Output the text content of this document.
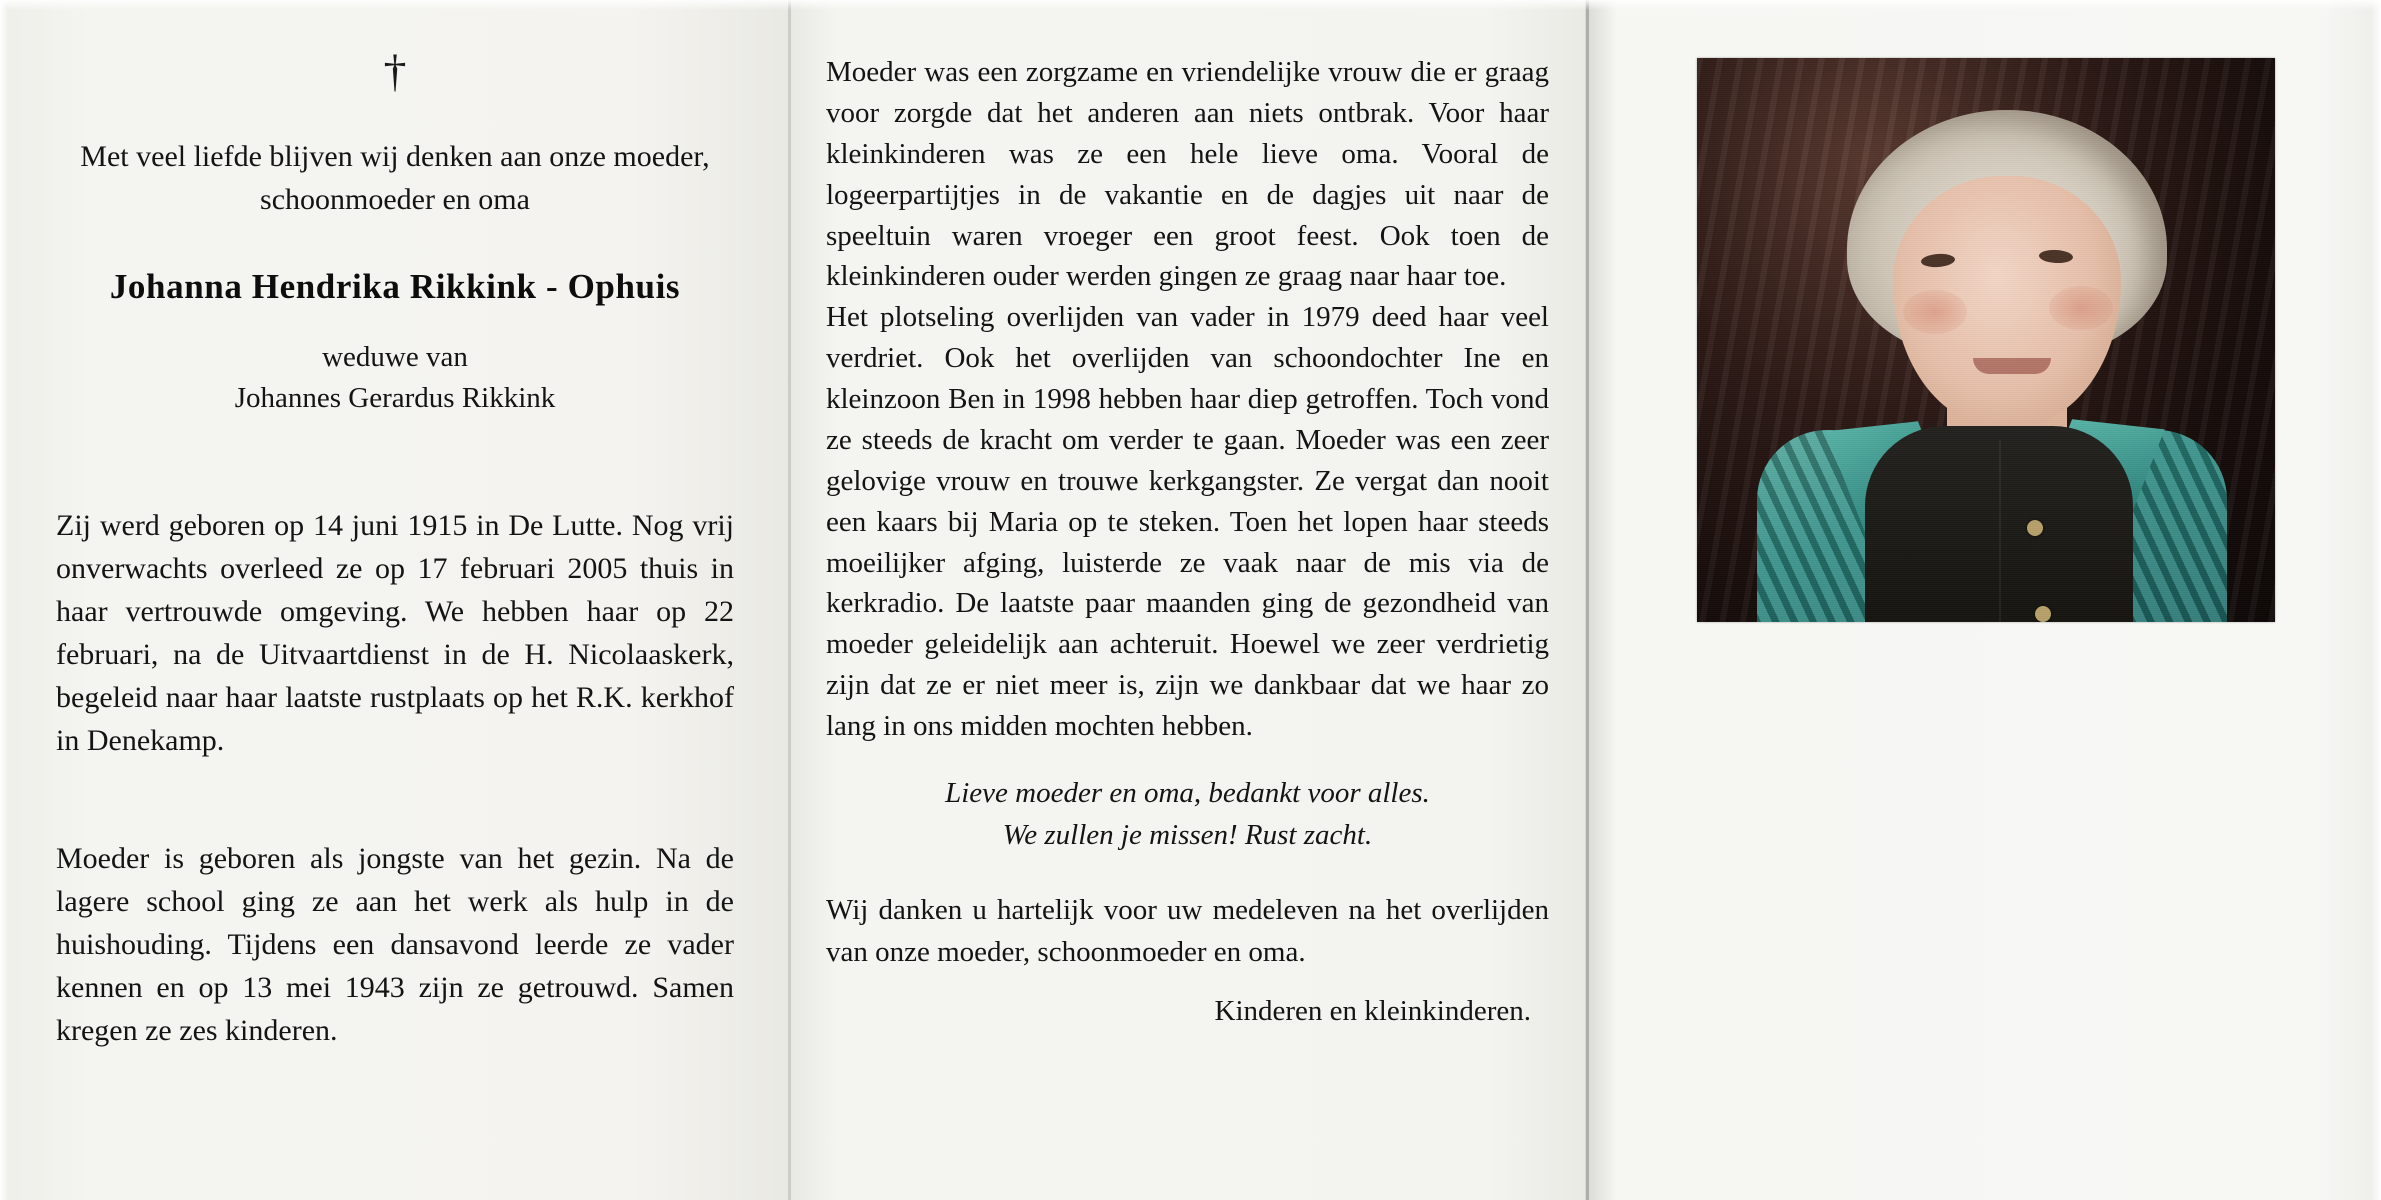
†
Met veel liefde blijven wij denken aan onze moeder, schoonmoeder en oma
Johanna Hendrika Rikkink - Ophuis
weduwe van
Johannes Gerardus Rikkink
Zij werd geboren op 14 juni 1915 in De Lutte. Nog vrij onverwachts overleed ze op 17 februari 2005 thuis in haar vertrouwde omgeving. We hebben haar op 22 februari, na de Uitvaartdienst in de H. Nicolaaskerk, begeleid naar haar laatste rustplaats op het R.K. kerkhof in Denekamp.
Moeder is geboren als jongste van het gezin. Na de lagere school ging ze aan het werk als hulp in de huishouding. Tijdens een dansavond leerde ze vader kennen en op 13 mei 1943 zijn ze getrouwd. Samen kregen ze zes kinderen.
Moeder was een zorgzame en vriendelijke vrouw die er graag voor zorgde dat het anderen aan niets ontbrak. Voor haar kleinkinderen was ze een hele lieve oma. Vooral de logeerpartijtjes in de vakantie en de dagjes uit naar de speeltuin waren vroeger een groot feest. Ook toen de kleinkinderen ouder werden gingen ze graag naar haar toe.
Het plotseling overlijden van vader in 1979 deed haar veel verdriet. Ook het overlijden van schoondochter Ine en kleinzoon Ben in 1998 hebben haar diep getroffen. Toch vond ze steeds de kracht om verder te gaan. Moeder was een zeer gelovige vrouw en trouwe kerkgangster. Ze vergat dan nooit een kaars bij Maria op te steken. Toen het lopen haar steeds moeilijker afging, luisterde ze vaak naar de mis via de kerkradio. De laatste paar maanden ging de gezondheid van moeder geleidelijk aan achteruit. Hoewel we zeer verdrietig zijn dat ze er niet meer is, zijn we dankbaar dat we haar zo lang in ons midden mochten hebben.
Lieve moeder en oma, bedankt voor alles.
We zullen je missen! Rust zacht.
Wij danken u hartelijk voor uw medeleven na het overlijden van onze moeder, schoonmoeder en oma.
Kinderen en kleinkinderen.
